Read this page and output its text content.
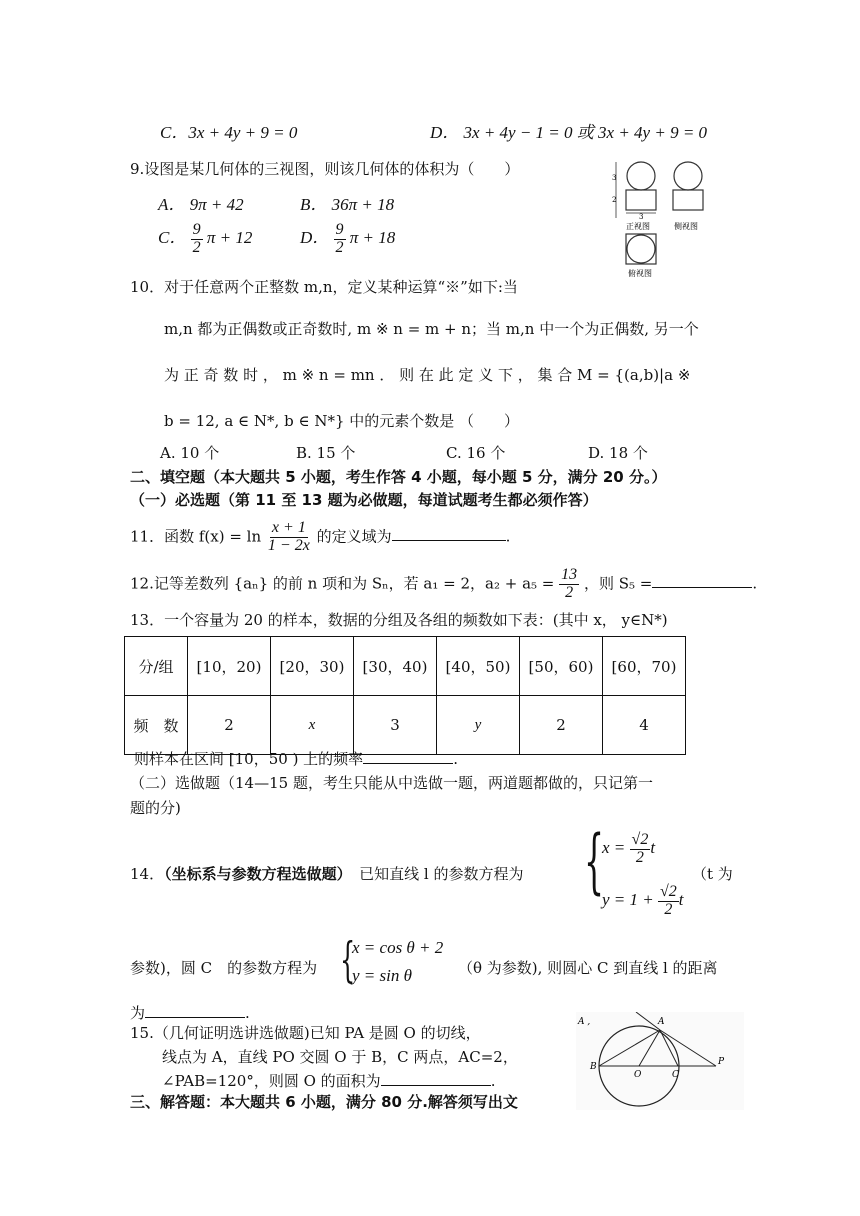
C．3x + 4y + 9 = 0	D． 3x + 4y − 1 = 0 或 3x + 4y + 9 = 0
9.设图是某几何体的三视图，则该几何体的体积为（　　）
A． 9π + 42	B． 36π + 18
C． $\frac{9}{2}$ π + 12	D． $\frac{9}{2}$ π + 18
3
2
3
正视图	侧视图
俯视图
10．对于任意两个正整数 m,n，定义某种运算“※”如下:当
m,n 都为正偶数或正奇数时, m ※ n = m + n；当 m,n 中一个为正偶数, 另一个
为 正 奇 数 时 ， m ※ n = mn ． 则 在 此 定 义 下 ， 集 合 M = {(a,b)|a ※
b = 12, a ∈ N*, b ∈ N*} 中的元素个数是 （　　）
A. 10 个	B. 15 个	C. 16 个	D. 18 个
二、填空题（本大题共 5 小题，考生作答 4 小题，每小题 5 分，满分 20 分。）
（一）必选题（第 11 至 13 题为必做题，每道试题考生都必须作答）
11．函数 $f(x) = \ln \frac{x + 1}{1 - 2x}$ 的定义域为	.
12.记等差数列 {aₙ} 的前 n 项和为 Sₙ，若 a₁ = 2，$a_2 + a_5 = \frac{13}{2}$ ，则 S₅ =	.
13．一个容量为 20 的样本，数据的分组及各组的频数如下表：(其中 x， y∈N*)
分/组	[10，20)	[20，30)	[30，40)	[40，50)	[50，60)	[60，70)
频　数	2	x	3	y	2	4
则样本在区间 [10，50 ) 上的频率	.
（二）选做题（14—15 题，考生只能从中选做一题，两道题都做的，只记第一
题的分)
14．（坐标系与参数方程选做题）　 已知直线 l 的参数方程为 {
$x = \frac{√2}{2}$ t
$y = 1 + \frac{√2}{2}$ t
（t 为
参数)，圆 C　的参数方程为 {
x = cos θ + 2
y = sin θ	（θ 为参数), 则圆心 C 到直线 l 的距离
为	.
15.（几何证明选讲选做题)已知 PA 是圆 O 的切线，
线点为 A，直线 PO 交圆 O 于 B，C 两点，AC=2，
∠PAB=120°，则圆 O 的面积为	.
A ,	A
B
O	C
P
三、解答题：本大题共 6 小题，满分 80 分.解答须写出文
